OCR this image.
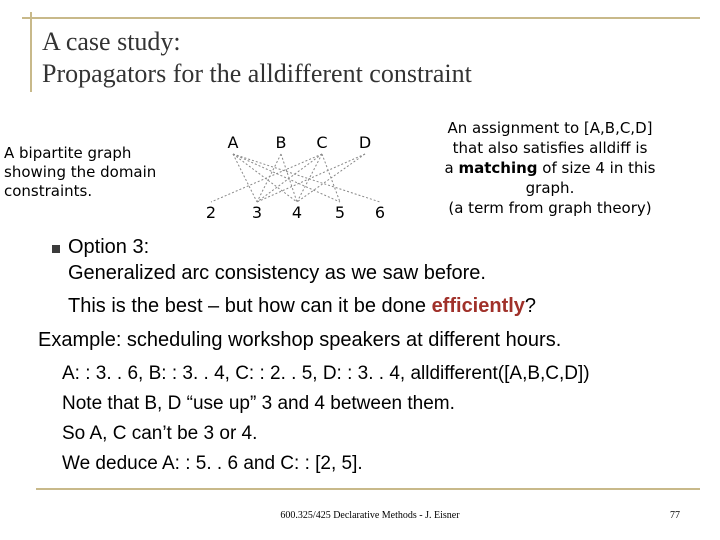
A case study:
Propagators for the alldifferent constraint
A bipartite graph
showing the domain
constraints.
A B C D
2 3 4 5 6
An assignment to [A,B,C,D]
that also satisfies alldiff is
a matching of size 4 in this
graph.
(a term from graph theory)
Option 3:
Generalized arc consistency as we saw before.
This is the best – but how can it be done efficiently?
Example: scheduling workshop speakers at different hours.
A: : 3. . 6, B: : 3. . 4, C: : 2. . 5, D: : 3. . 4, alldifferent([A,B,C,D])
Note that B, D “use up” 3 and 4 between them.
So A, C can’t be 3 or 4.
We deduce A: : 5. . 6 and C: : [2, 5].
600.325/425 Declarative Methods - J. Eisner	77
